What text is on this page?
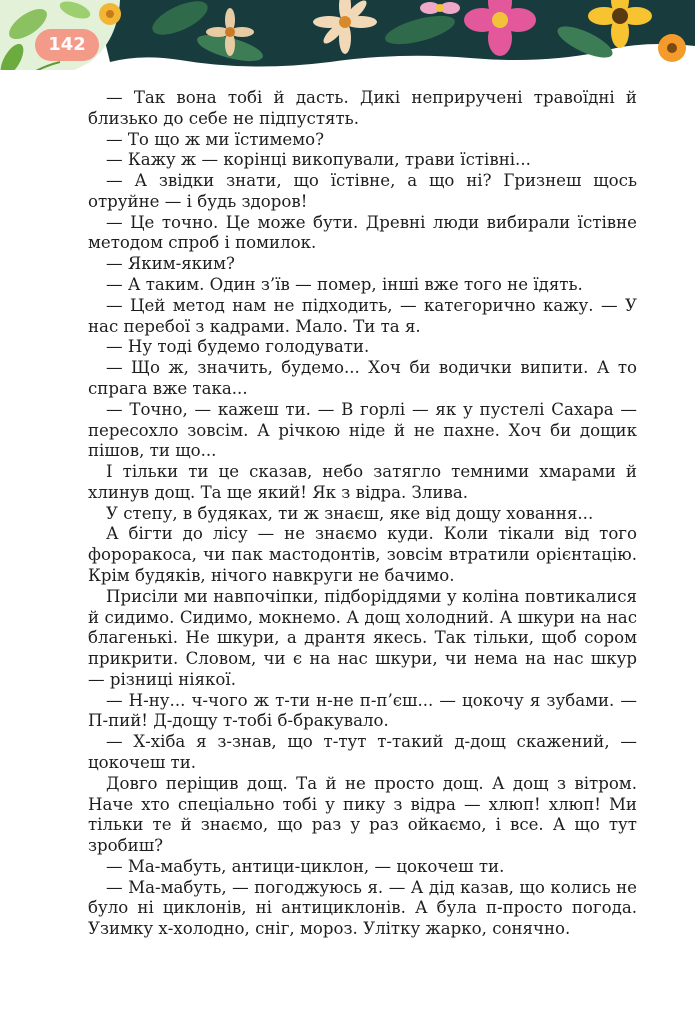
142

— Так вона тобі й дасть. Дикі неприручені травоїдні й близько до себе не підпустять.

— То що ж ми їстимемо?

— Кажу ж — корінці викопували, трави їстівні...

— А звідки знати, що їстівне, а що ні? Гризнеш щось отруйне — і будь здоров!

— Це точно. Це може бути. Древні люди вибирали їстівне методом спроб і помилок.

— Яким-яким?

— А таким. Один з’їв — помер, інші вже того не їдять.

— Цей метод нам не підходить, — категорично кажу. — У нас перебої з кадрами. Мало. Ти та я.

— Ну тоді будемо голодувати.

— Що ж, значить, будемо... Хоч би водички випити. А то спрага вже така...

— Точно, — кажеш ти. — В горлі — як у пустелі Сахара — пересохло зовсім. А річкою ніде й не пахне. Хоч би дощик пішов, ти що...

І тільки ти це сказав, небо затягло темними хмарами й хлинув дощ. Та ще який! Як з відра. Злива.

У степу, в будяках, ти ж знаєш, яке від дощу ховання...

А бігти до лісу — не знаємо куди. Коли тікали від того фороракоса, чи пак мастодонтів, зовсім втратили орієнтацію. Крім будяків, нічого навкруги не бачимо.

Присіли ми навпочіпки, підборіддями у коліна повтикалися й сидимо. Сидимо, мокнемо. А дощ холодний. А шкури на нас благенькі. Не шкури, а дрантя якесь. Так тільки, щоб сором прикрити. Словом, чи є на нас шкури, чи нема на нас шкур — різниці ніякої.

— Н-ну... ч-чого ж т-ти н-не п-п’єш... — цокочу я зубами. — П-пий! Д-дощу т-тобі б-бракувало.

— Х-хіба я з-знав, що т-тут т-такий д-дощ скажений, — цокочеш ти.

Довго періщив дощ. Та й не просто дощ. А дощ з вітром. Наче хто спеціально тобі у пику з відра — хлюп! хлюп! Ми тільки те й знаємо, що раз у раз ойкаємо, і все. А що тут зробиш?

— Ма-мабуть, антици-циклон, — цокочеш ти.

— Ма-мабуть, — погоджуюсь я. — А дід казав, що колись не було ні циклонів, ні антициклонів. А була п-просто погода. Узимку х-холодно, сніг, мороз. Улітку жарко, сонячно.
